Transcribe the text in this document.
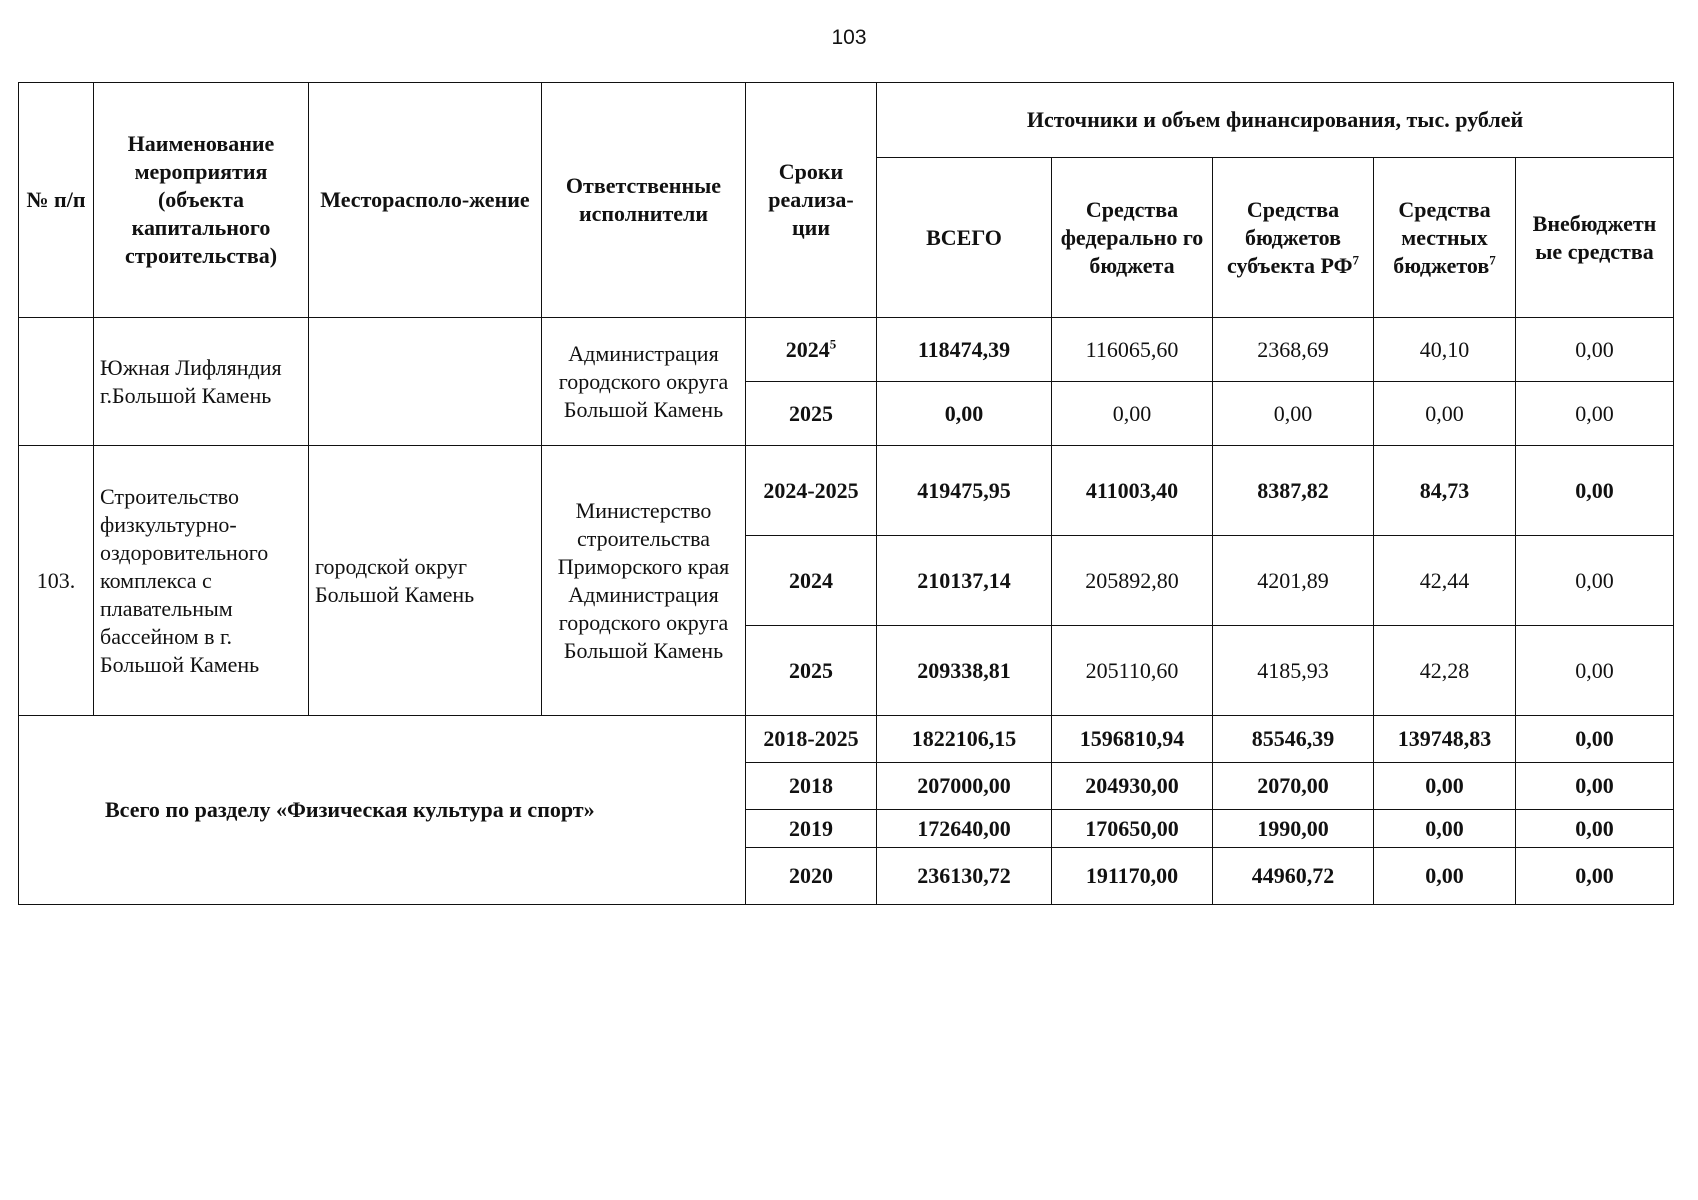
103
№ п/п	Наименование мероприятия (объекта капитального строительства)	Месторасполо-жение	Ответственные исполнители	Сроки реализа-ции	Источники и объем финансирования, тыс. рублей				
					ВСЕГО	Средства федерально го бюджета	Средства бюджетов субъекта $РФ^7$	Средства местных бюджетов$^7$	Внебюджетн ые средства
	Южная Лифляндия г.Большой Камень		Администрация городского округа Большой Камень	2024$^5$	118474,39	116065,60	2368,69	40,10	0,00
				2025	0,00	0,00	0,00	0,00	0,00
103.	Строительство физкультурно-оздоровительного комплекса с плавательным бассейном в г. Большой Камень	городской округ Большой Камень	Министерство строительства Приморского края Администрация городского округа Большой Камень	2024-2025	419475,95	411003,40	8387,82	84,73	0,00
				2024	210137,14	205892,80	4201,89	42,44	0,00
				2025	209338,81	205110,60	4185,93	42,28	0,00
Всего по разделу «Физическая культура и спорт»				2018-2025	1822106,15	1596810,94	85546,39	139748,83	0,00
				2018	207000,00	204930,00	2070,00	0,00	0,00
				2019	172640,00	170650,00	1990,00	0,00	0,00
				2020	236130,72	191170,00	44960,72	0,00	0,00
